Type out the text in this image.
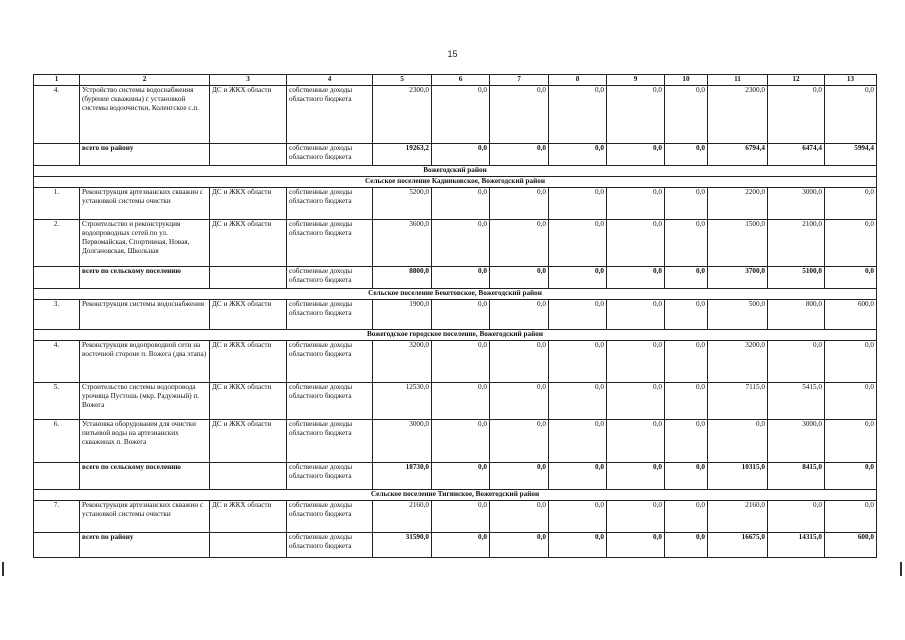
15
1	2	3	4	5	6	7	8	9	10	11	12	13
4.	Устройство системы водоснабжения (бурение скважины) с установкой системы водоочистки, Коленгское с.п.	ДС и ЖКХ области	собственные доходы областного бюджета	2300,0	0,0	0,0	0,0	0,0	0,0	2300,0	0,0	0,0
	всего по району		собственные доходы областного бюджета	19263,2	0,0	0,0	0,0	0,0	0,0	6794,4	6474,4	5994,4
Вожегодский район												
Сельское поселение Кадниковское, Вожегодский район												
1.	Реконструкция артезианских скважин с установкой системы очистки	ДС и ЖКХ области	собственные доходы областного бюджета	5200,0	0,0	0,0	0,0	0,0	0,0	2200,0	3000,0	0,0
2.	Строительство и реконструкция водопроводных сетей по ул. Первомайская, Спортивная, Новая, Долгановская, Школьная	ДС и ЖКХ области	собственные доходы областного бюджета	3600,0	0,0	0,0	0,0	0,0	0,0	1500,0	2100,0	0,0
	всего по сельскому поселению		собственные доходы областного бюджета	8800,0	0,0	0,0	0,0	0,0	0,0	3700,0	5100,0	0,0
Сельское поселение Бекетовское, Вожегодский район												
3.	Реконструкция системы водоснабжения	ДС и ЖКХ области	собственные доходы областного бюджета	1900,0	0,0	0,0	0,0	0,0	0,0	500,0	800,0	600,0
Вожегодское городское поселение, Вожегодский район												
4.	Реконструкция водопроводной сети на восточной стороне п. Вожега (два этапа)	ДС и ЖКХ области	собственные доходы областного бюджета	3200,0	0,0	0,0	0,0	0,0	0,0	3200,0	0,0	0,0
5.	Строительство системы водопровода урочища Пустошь (мкр. Радужный) п. Вожега	ДС и ЖКХ области	собственные доходы областного бюджета	12530,0	0,0	0,0	0,0	0,0	0,0	7115,0	5415,0	0,0
6.	Установка оборудования для очистки питьевой воды на артезианских скважинах п. Вожега	ДС и ЖКХ области	собственные доходы областного бюджета	3000,0	0,0	0,0	0,0	0,0	0,0	0,0	3000,0	0,0
	всего по сельскому поселению		собственные доходы областного бюджета	18730,0	0,0	0,0	0,0	0,0	0,0	10315,0	8415,0	0,0
Сельское поселение Тигинское, Вожегодский район												
7.	Реконструкция артезианских скважин с установкой системы очистки	ДС и ЖКХ области	собственные доходы областного бюджета	2160,0	0,0	0,0	0,0	0,0	0,0	2160,0	0,0	0,0
	всего по району		собственные доходы областного бюджета	31590,0	0,0	0,0	0,0	0,0	0,0	16675,0	14315,0	600,0
